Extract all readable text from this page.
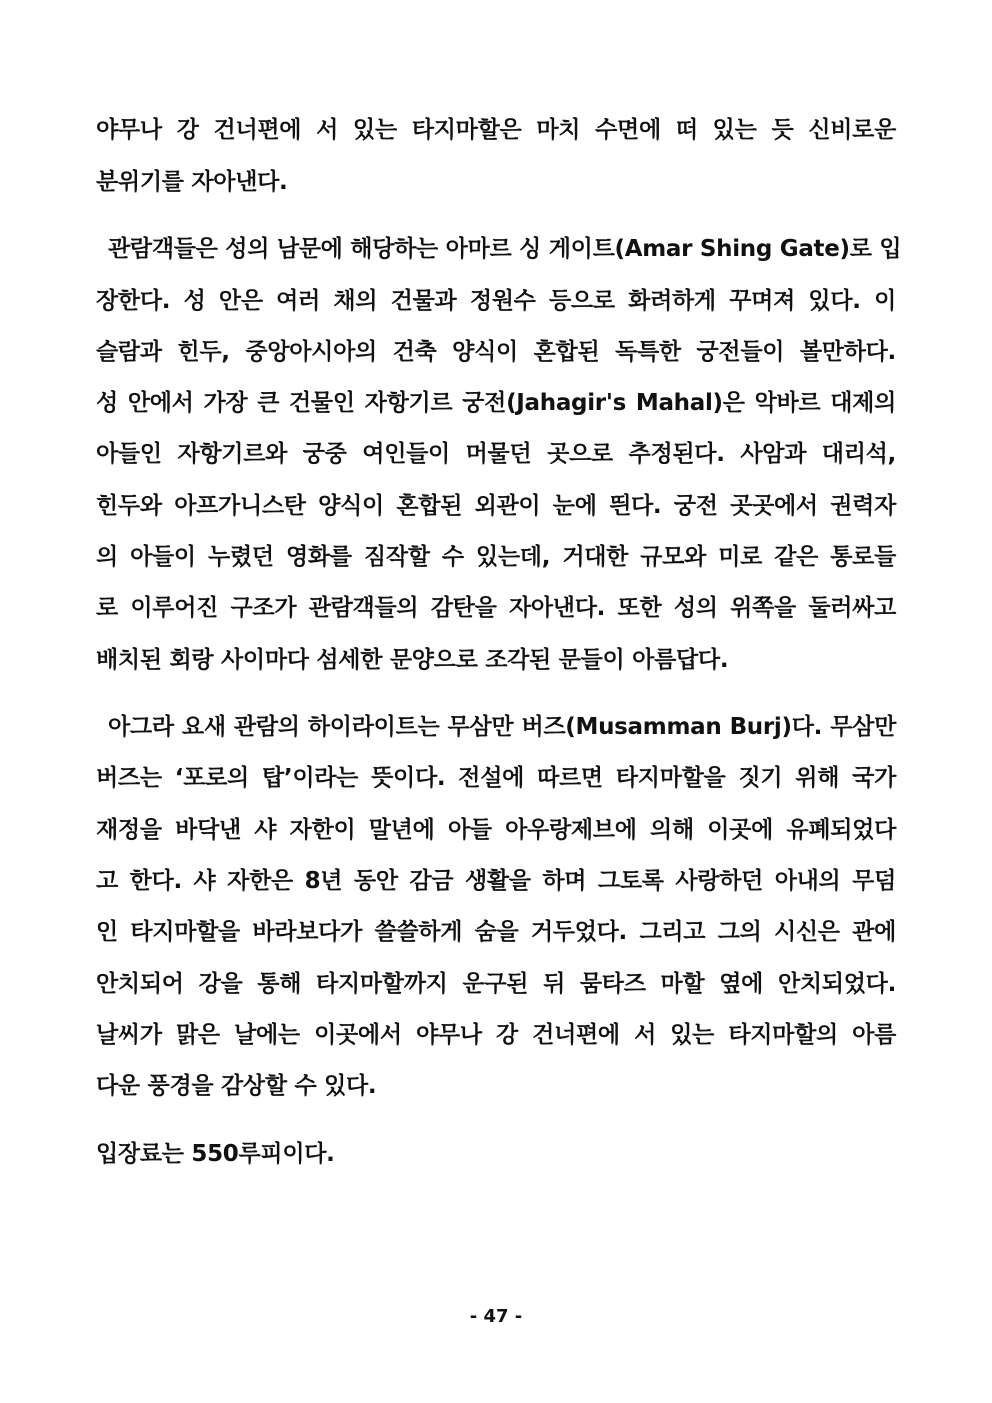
야무나 강 건너편에 서 있는 타지마할은 마치 수면에 떠 있는 듯 신비로운
분위기를 자아낸다.
관람객들은 성의 남문에 해당하는 아마르 싱 게이트(Amar Shing Gate)로 입
장한다. 성 안은 여러 채의 건물과 정원수 등으로 화려하게 꾸며져 있다. 이
슬람과 힌두, 중앙아시아의 건축 양식이 혼합된 독특한 궁전들이 볼만하다.
성 안에서 가장 큰 건물인 자항기르 궁전(Jahagir's Mahal)은 악바르 대제의
아들인 자항기르와 궁중 여인들이 머물던 곳으로 추정된다. 사암과 대리석,
힌두와 아프가니스탄 양식이 혼합된 외관이 눈에 띈다. 궁전 곳곳에서 권력자
의 아들이 누렸던 영화를 짐작할 수 있는데, 거대한 규모와 미로 같은 통로들
로 이루어진 구조가 관람객들의 감탄을 자아낸다. 또한 성의 위쪽을 둘러싸고
배치된 회랑 사이마다 섬세한 문양으로 조각된 문들이 아름답다.
아그라 요새 관람의 하이라이트는 무삼만 버즈(Musamman Burj)다. 무삼만
버즈는 ‘포로의 탑’이라는 뜻이다. 전설에 따르면 타지마할을 짓기 위해 국가
재정을 바닥낸 샤 자한이 말년에 아들 아우랑제브에 의해 이곳에 유폐되었다
고 한다. 샤 자한은 8년 동안 감금 생활을 하며 그토록 사랑하던 아내의 무덤
인 타지마할을 바라보다가 쓸쓸하게 숨을 거두었다. 그리고 그의 시신은 관에
안치되어 강을 통해 타지마할까지 운구된 뒤 뭄타즈 마할 옆에 안치되었다.
날씨가 맑은 날에는 이곳에서 야무나 강 건너편에 서 있는 타지마할의 아름
다운 풍경을 감상할 수 있다.
입장료는 550루피이다.
- 47 -
